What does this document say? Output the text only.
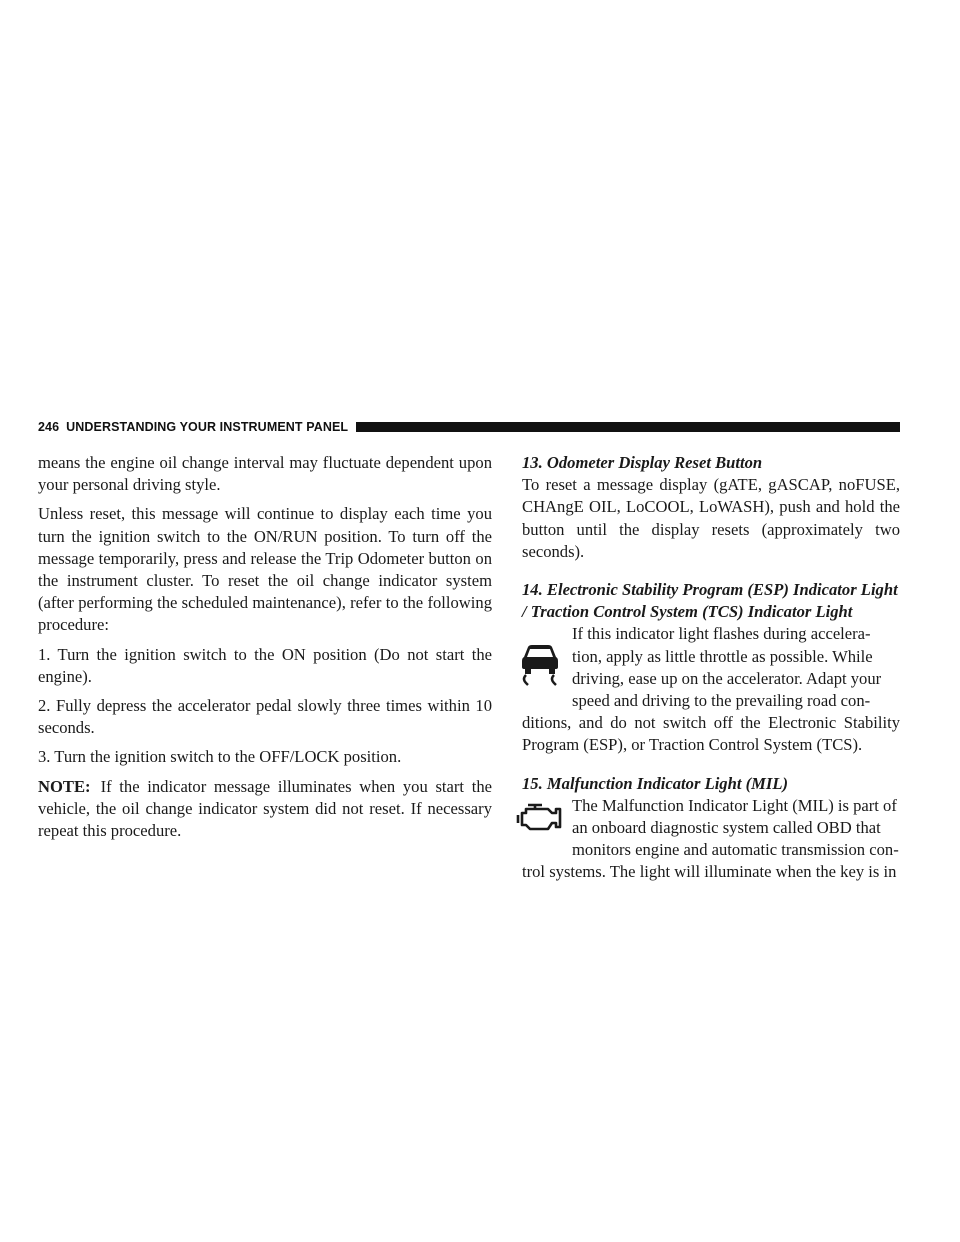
246 UNDERSTANDING YOUR INSTRUMENT PANEL

means the engine oil change interval may fluctuate dependent upon your personal driving style.

Unless reset, this message will continue to display each time you turn the ignition switch to the ON/RUN position. To turn off the message temporarily, press and release the Trip Odometer button on the instrument cluster. To reset the oil change indicator system (after performing the scheduled maintenance), refer to the following procedure:

1. Turn the ignition switch to the ON position (Do not start the engine).

2. Fully depress the accelerator pedal slowly three times within 10 seconds.

3. Turn the ignition switch to the OFF/LOCK position.

NOTE: If the indicator message illuminates when you start the vehicle, the oil change indicator system did not reset. If necessary repeat this procedure.

13. Odometer Display Reset Button

To reset a message display (gATE, gASCAP, noFUSE, CHAngE OIL, LoCOOL, LoWASH), push and hold the button until the display resets (approximately two seconds).

14. Electronic Stability Program (ESP) Indicator Light / Traction Control System (TCS) Indicator Light
If this indicator light flashes during accelera-
tion, apply as little throttle as possible. While
driving, ease up on the accelerator. Adapt your
speed and driving to the prevailing road con-

ditions, and do not switch off the Electronic Stability Program (ESP), or Traction Control System (TCS).

15. Malfunction Indicator Light (MIL)
The Malfunction Indicator Light (MIL) is part of
an onboard diagnostic system called OBD that
monitors engine and automatic transmission con-

trol systems. The light will illuminate when the key is in
